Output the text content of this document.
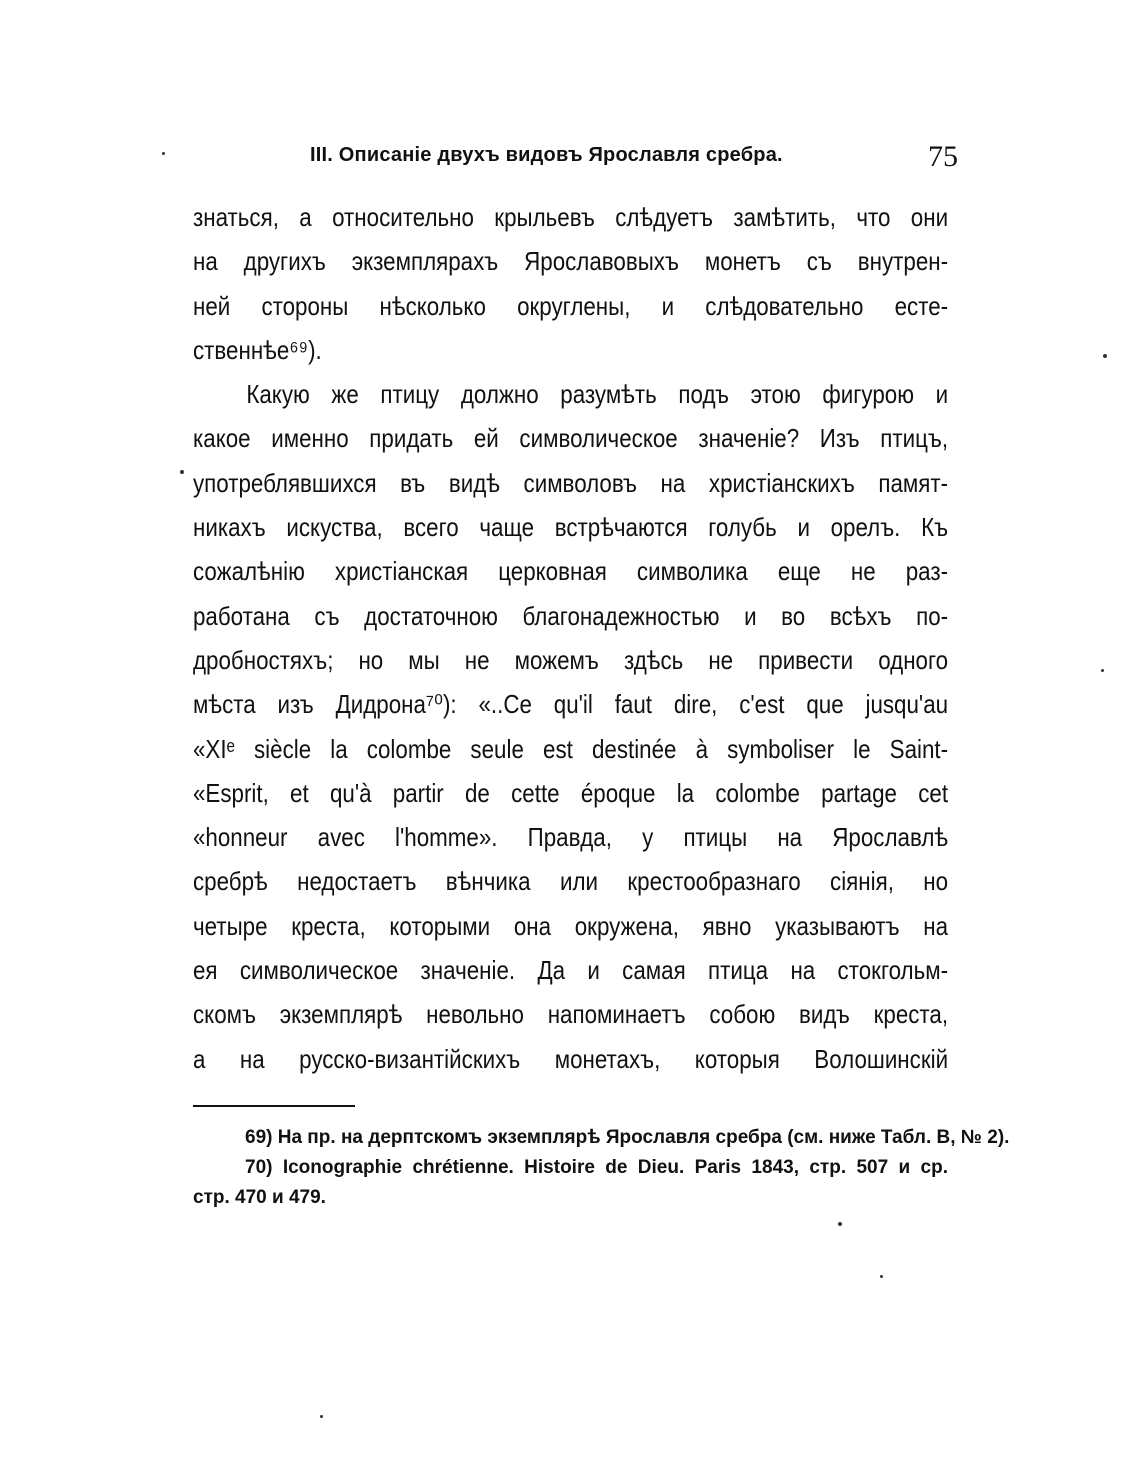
III. Описаніе двухъ видовъ Ярославля сребра.	75
знаться, а относительно крыльевъ слѣдуетъ замѣтить, что они
на другихъ экземплярахъ Ярославовыхъ монетъ съ внутрен-
ней стороны нѣсколько округлены, и слѣдовательно есте-
ственнѣе⁶⁹).
Какую же птицу должно разумѣть подъ этою фигурою и
какое именно придать ей символическое значеніе? Изъ птицъ,
употреблявшихся въ видѣ символовъ на христіанскихъ памят-
никахъ искуства, всего чаще встрѣчаются голубь и орелъ. Къ
сожалѣнію христіанская церковная символика еще не раз-
работана съ достаточною благонадежностью и во всѣхъ по-
дробностяхъ; но мы не можемъ здѣсь не привести одного
мѣста изъ Дидрона⁷⁰): «..Ce qu'il faut dire, c'est que jusqu'au
«XIᵉ siècle la colombe seule est destinée à symboliser le Saint-
«Esprit, et qu'à partir de cette époque la colombe partage cet
«honneur avec l'homme». Правда, у птицы на Ярославлѣ
сребрѣ недостаетъ вѣнчика или крестообразнаго сіянія, но
четыре креста, которыми она окружена, явно указываютъ на
ея символическое значеніе. Да и самая птица на стокгольм-
скомъ экземплярѣ невольно напоминаетъ собою видъ креста,
а на русско-византійскихъ монетахъ, которыя Волошинскій
69) На пр. на дерптскомъ экземплярѣ Ярославля сребра (см. ниже Табл. В, № 2).
70) Iconographie chrétienne. Histoire de Dieu. Paris 1843, стр. 507 и ср.
стр. 470 и 479.
